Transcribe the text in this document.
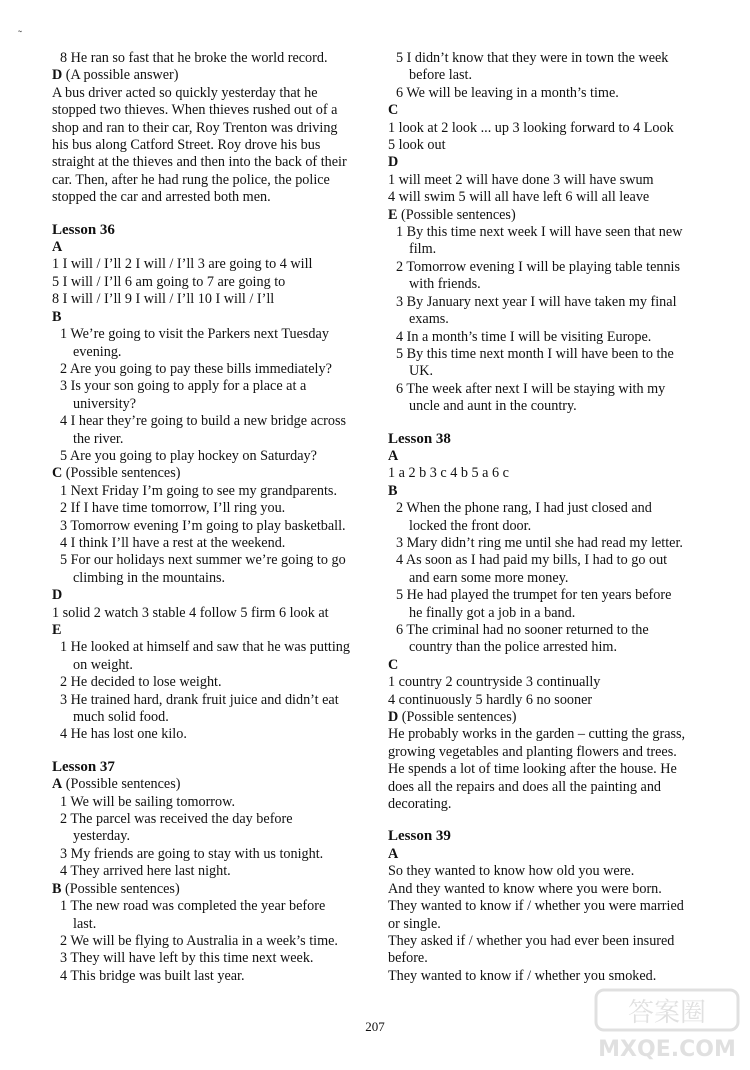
˷
8 He ran so fast that he broke the world record.
D (A possible answer)
A bus driver acted so quickly yesterday that he
stopped two thieves. When thieves rushed out of a
shop and ran to their car, Roy Trenton was driving
his bus along Catford Street. Roy drove his bus
straight at the thieves and then into the back of their
car. Then, after he had rung the police, the police
stopped the car and arrested both men.
Lesson 36
A
1 I will / I’ll 2 I will / I’ll 3 are going to 4 will
5 I will / I’ll 6 am going to 7 are going to
8 I will / I’ll 9 I will / I’ll 10 I will / I’ll
B
1 We’re going to visit the Parkers next Tuesday
evening.
2 Are you going to pay these bills immediately?
3 Is your son going to apply for a place at a
university?
4 I hear they’re going to build a new bridge across
the river.
5 Are you going to play hockey on Saturday?
C (Possible sentences)
1 Next Friday I’m going to see my grandparents.
2 If I have time tomorrow, I’ll ring you.
3 Tomorrow evening I’m going to play basketball.
4 I think I’ll have a rest at the weekend.
5 For our holidays next summer we’re going to go
climbing in the mountains.
D
1 solid 2 watch 3 stable 4 follow 5 firm 6 look at
E
1 He looked at himself and saw that he was putting
on weight.
2 He decided to lose weight.
3 He trained hard, drank fruit juice and didn’t eat
much solid food.
4 He has lost one kilo.
Lesson 37
A (Possible sentences)
1 We will be sailing tomorrow.
2 The parcel was received the day before
yesterday.
3 My friends are going to stay with us tonight.
4 They arrived here last night.
B (Possible sentences)
1 The new road was completed the year before
last.
2 We will be flying to Australia in a week’s time.
3 They will have left by this time next week.
4 This bridge was built last year.
5 I didn’t know that they were in town the week
before last.
6 We will be leaving in a month’s time.
C
1 look at 2 look ... up 3 looking forward to 4 Look
5 look out
D
1 will meet 2 will have done 3 will have swum
4 will swim 5 will all have left 6 will all leave
E (Possible sentences)
1 By this time next week I will have seen that new
film.
2 Tomorrow evening I will be playing table tennis
with friends.
3 By January next year I will have taken my final
exams.
4 In a month’s time I will be visiting Europe.
5 By this time next month I will have been to the
UK.
6 The week after next I will be staying with my
uncle and aunt in the country.
Lesson 38
A
1 a 2 b 3 c 4 b 5 a 6 c
B
2 When the phone rang, I had just closed and
locked the front door.
3 Mary didn’t ring me until she had read my letter.
4 As soon as I had paid my bills, I had to go out
and earn some more money.
5 He had played the trumpet for ten years before
he finally got a job in a band.
6 The criminal had no sooner returned to the
country than the police arrested him.
C
1 country 2 countryside 3 continually
4 continuously 5 hardly 6 no sooner
D (Possible sentences)
He probably works in the garden – cutting the grass,
growing vegetables and planting flowers and trees.
He spends a lot of time looking after the house. He
does all the repairs and does all the painting and
decorating.
Lesson 39
A
So they wanted to know how old you were.
And they wanted to know where you were born.
They wanted to know if / whether you were married
or single.
They asked if / whether you had ever been insured
before.
They wanted to know if / whether you smoked.
207	答案圈
MXQE.COM
